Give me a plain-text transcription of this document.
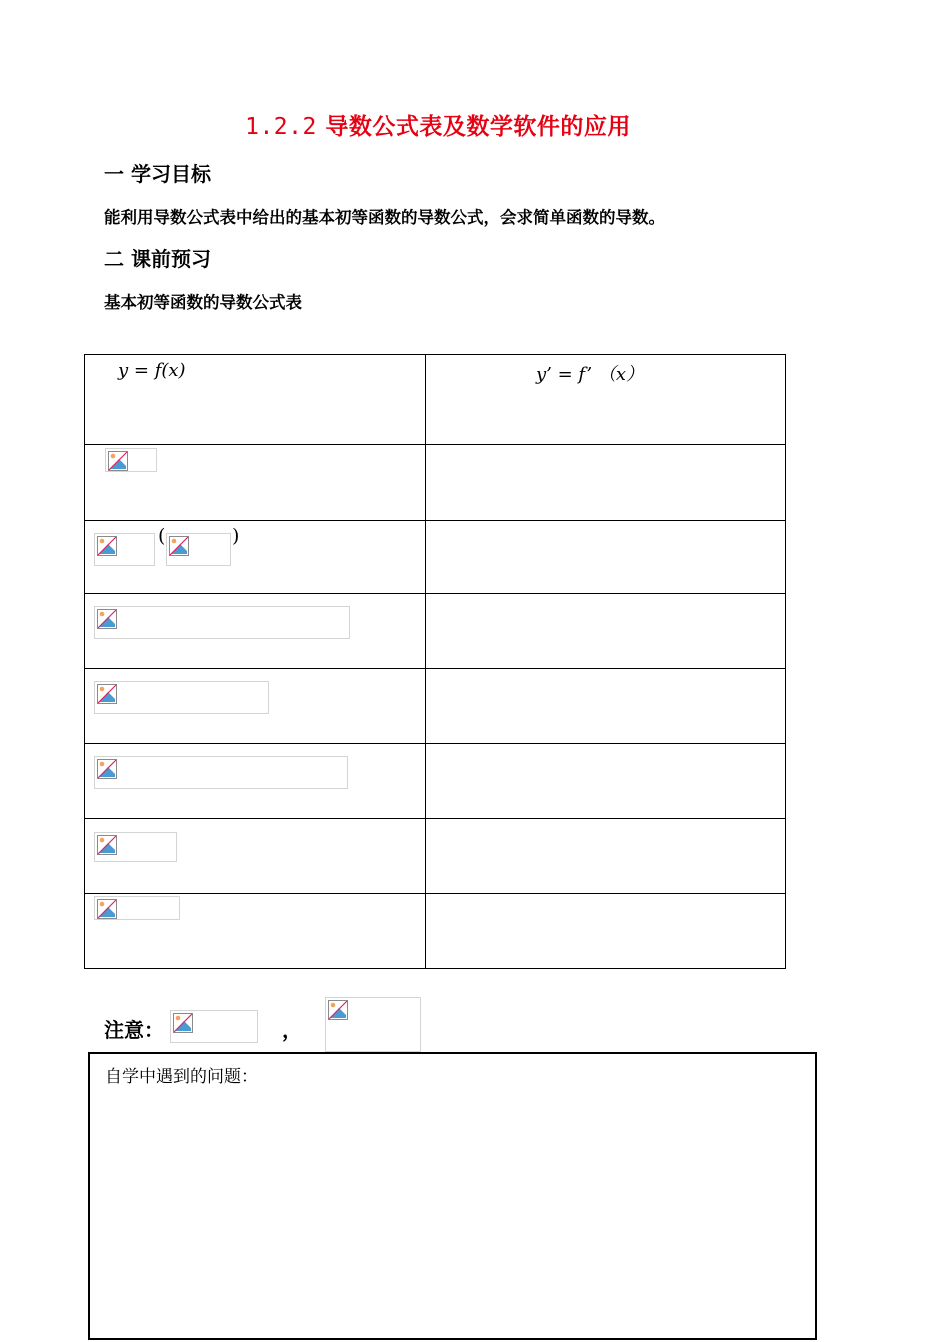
1.2.2 导数公式表及数学软件的应用
一 学习目标
能利用导数公式表中给出的基本初等函数的导数公式，会求简单函数的导数。
二 课前预习
基本初等函数的导数公式表
y = f(x)	y’ = f’ （x）

( )	

注意：	，
自学中遇到的问题：
